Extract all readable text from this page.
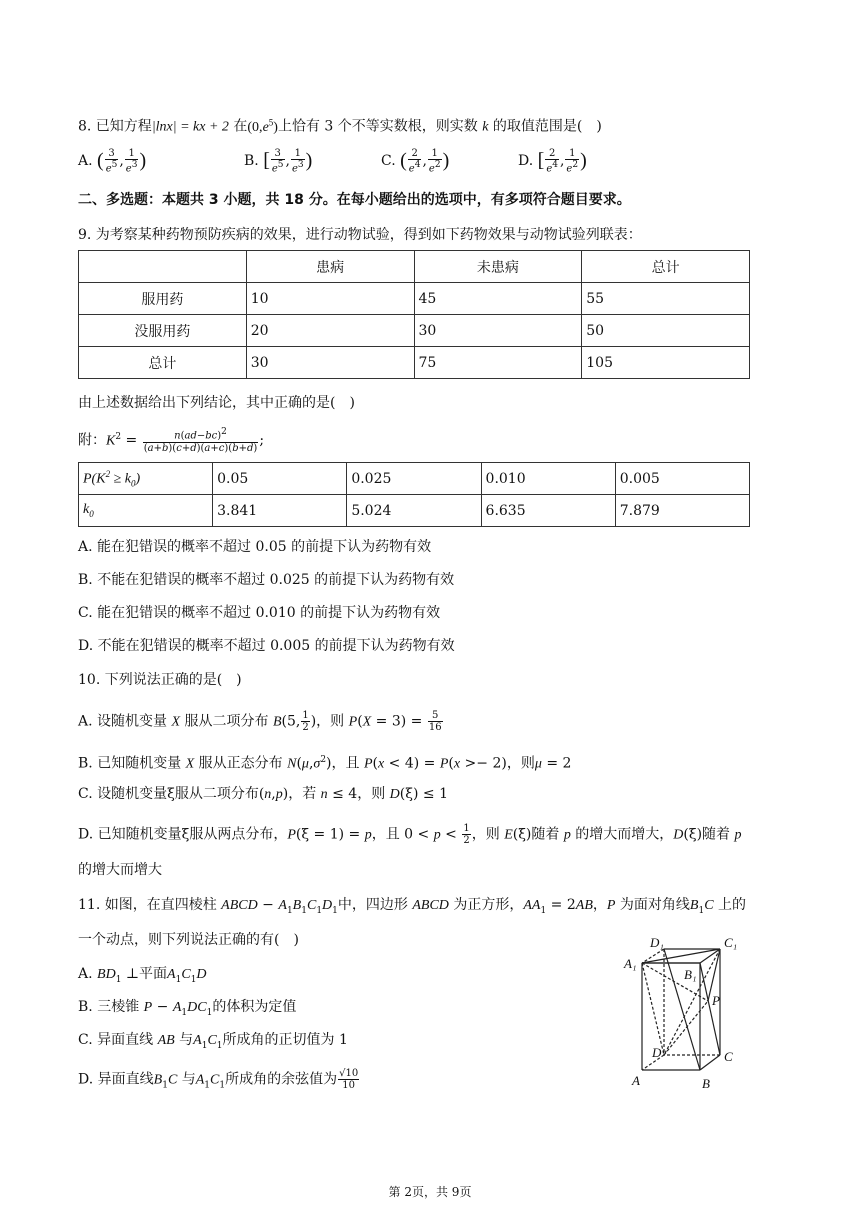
8. 已知方程|lnx| = kx + 2 在$(0,e^5)$上恰有 3 个不等实数根，则实数 k 的取值范围是(　)
A. ( $\frac{3}{e^5}$ , $\frac{1}{e^3}$ )	B. [ $\frac{3}{e^5}$ , $\frac{1}{e^3}$ )	C. ( $\frac{2}{e^4}$ , $\frac{1}{e^2}$ )	D. [ $\frac{2}{e^4}$ , $\frac{1}{e^2}$ )
二、多选题：本题共 3 小题，共 18 分。在每小题给出的选项中，有多项符合题目要求。
9. 为考察某种药物预防疾病的效果，进行动物试验，得到如下药物效果与动物试验列联表：
	患病	未患病	总计
服用药	10	45	55
没服用药	20	30	50
总计	30	75	105
由上述数据给出下列结论，其中正确的是(　)
附：$K^2 = \frac{n(ad-bc)^2}{(a+b)(c+d)(a+c)(b+d)}$ ;
$P(K^2 \ge k_0)$	0.05	0.025	0.010	0.005
$k_0$	3.841	5.024	6.635	7.879
A. 能在犯错误的概率不超过 0.05 的前提下认为药物有效
B. 不能在犯错误的概率不超过 0.025 的前提下认为药物有效
C. 能在犯错误的概率不超过 0.010 的前提下认为药物有效
D. 不能在犯错误的概率不超过 0.005 的前提下认为药物有效
10. 下列说法正确的是(　)
A. 设随机变量 X 服从二项分布 B(5, $\frac{1}{2}$ )，则 $P(X = 3) = \frac{5}{16}$
B. 已知随机变量 X 服从正态分布 $N(\mu,\sigma^2)$，且 P(x < 4) = P(x >− 2)，则μ = 2
C. 设随机变量ξ服从二项分布(n,p)，若 n ≤ 4，则 D(ξ) ≤ 1
D. 已知随机变量ξ服从两点分布，P(ξ = 1) = p，且 $0 < p < \frac{1}{2}$ ，则 E(ξ)随着 p 的增大而增大，D(ξ)随着 p
的增大而增大
11. 如图，在直四棱柱 ABCD − $A_1B_1C_1D_1$中，四边形 ABCD 为正方形，$AA_1 = 2AB$，P 为面对角线$B_1C$ 上的
一个动点，则下列说法正确的有(　)
A. $BD_1$ ⊥平面$A_1C_1D$
B. 三棱锥 $P - A_1DC_1$的体积为定值
C. 异面直线 AB 与$A_1C_1$所成角的正切值为 1
D. 异面直线$B_1C$ 与$A_1C_1$所成角的余弦值为 $\frac{√10}{10}$
D₁	C₁
A₁
B₁
P
D	C
A	B
第 2页，共 9页
